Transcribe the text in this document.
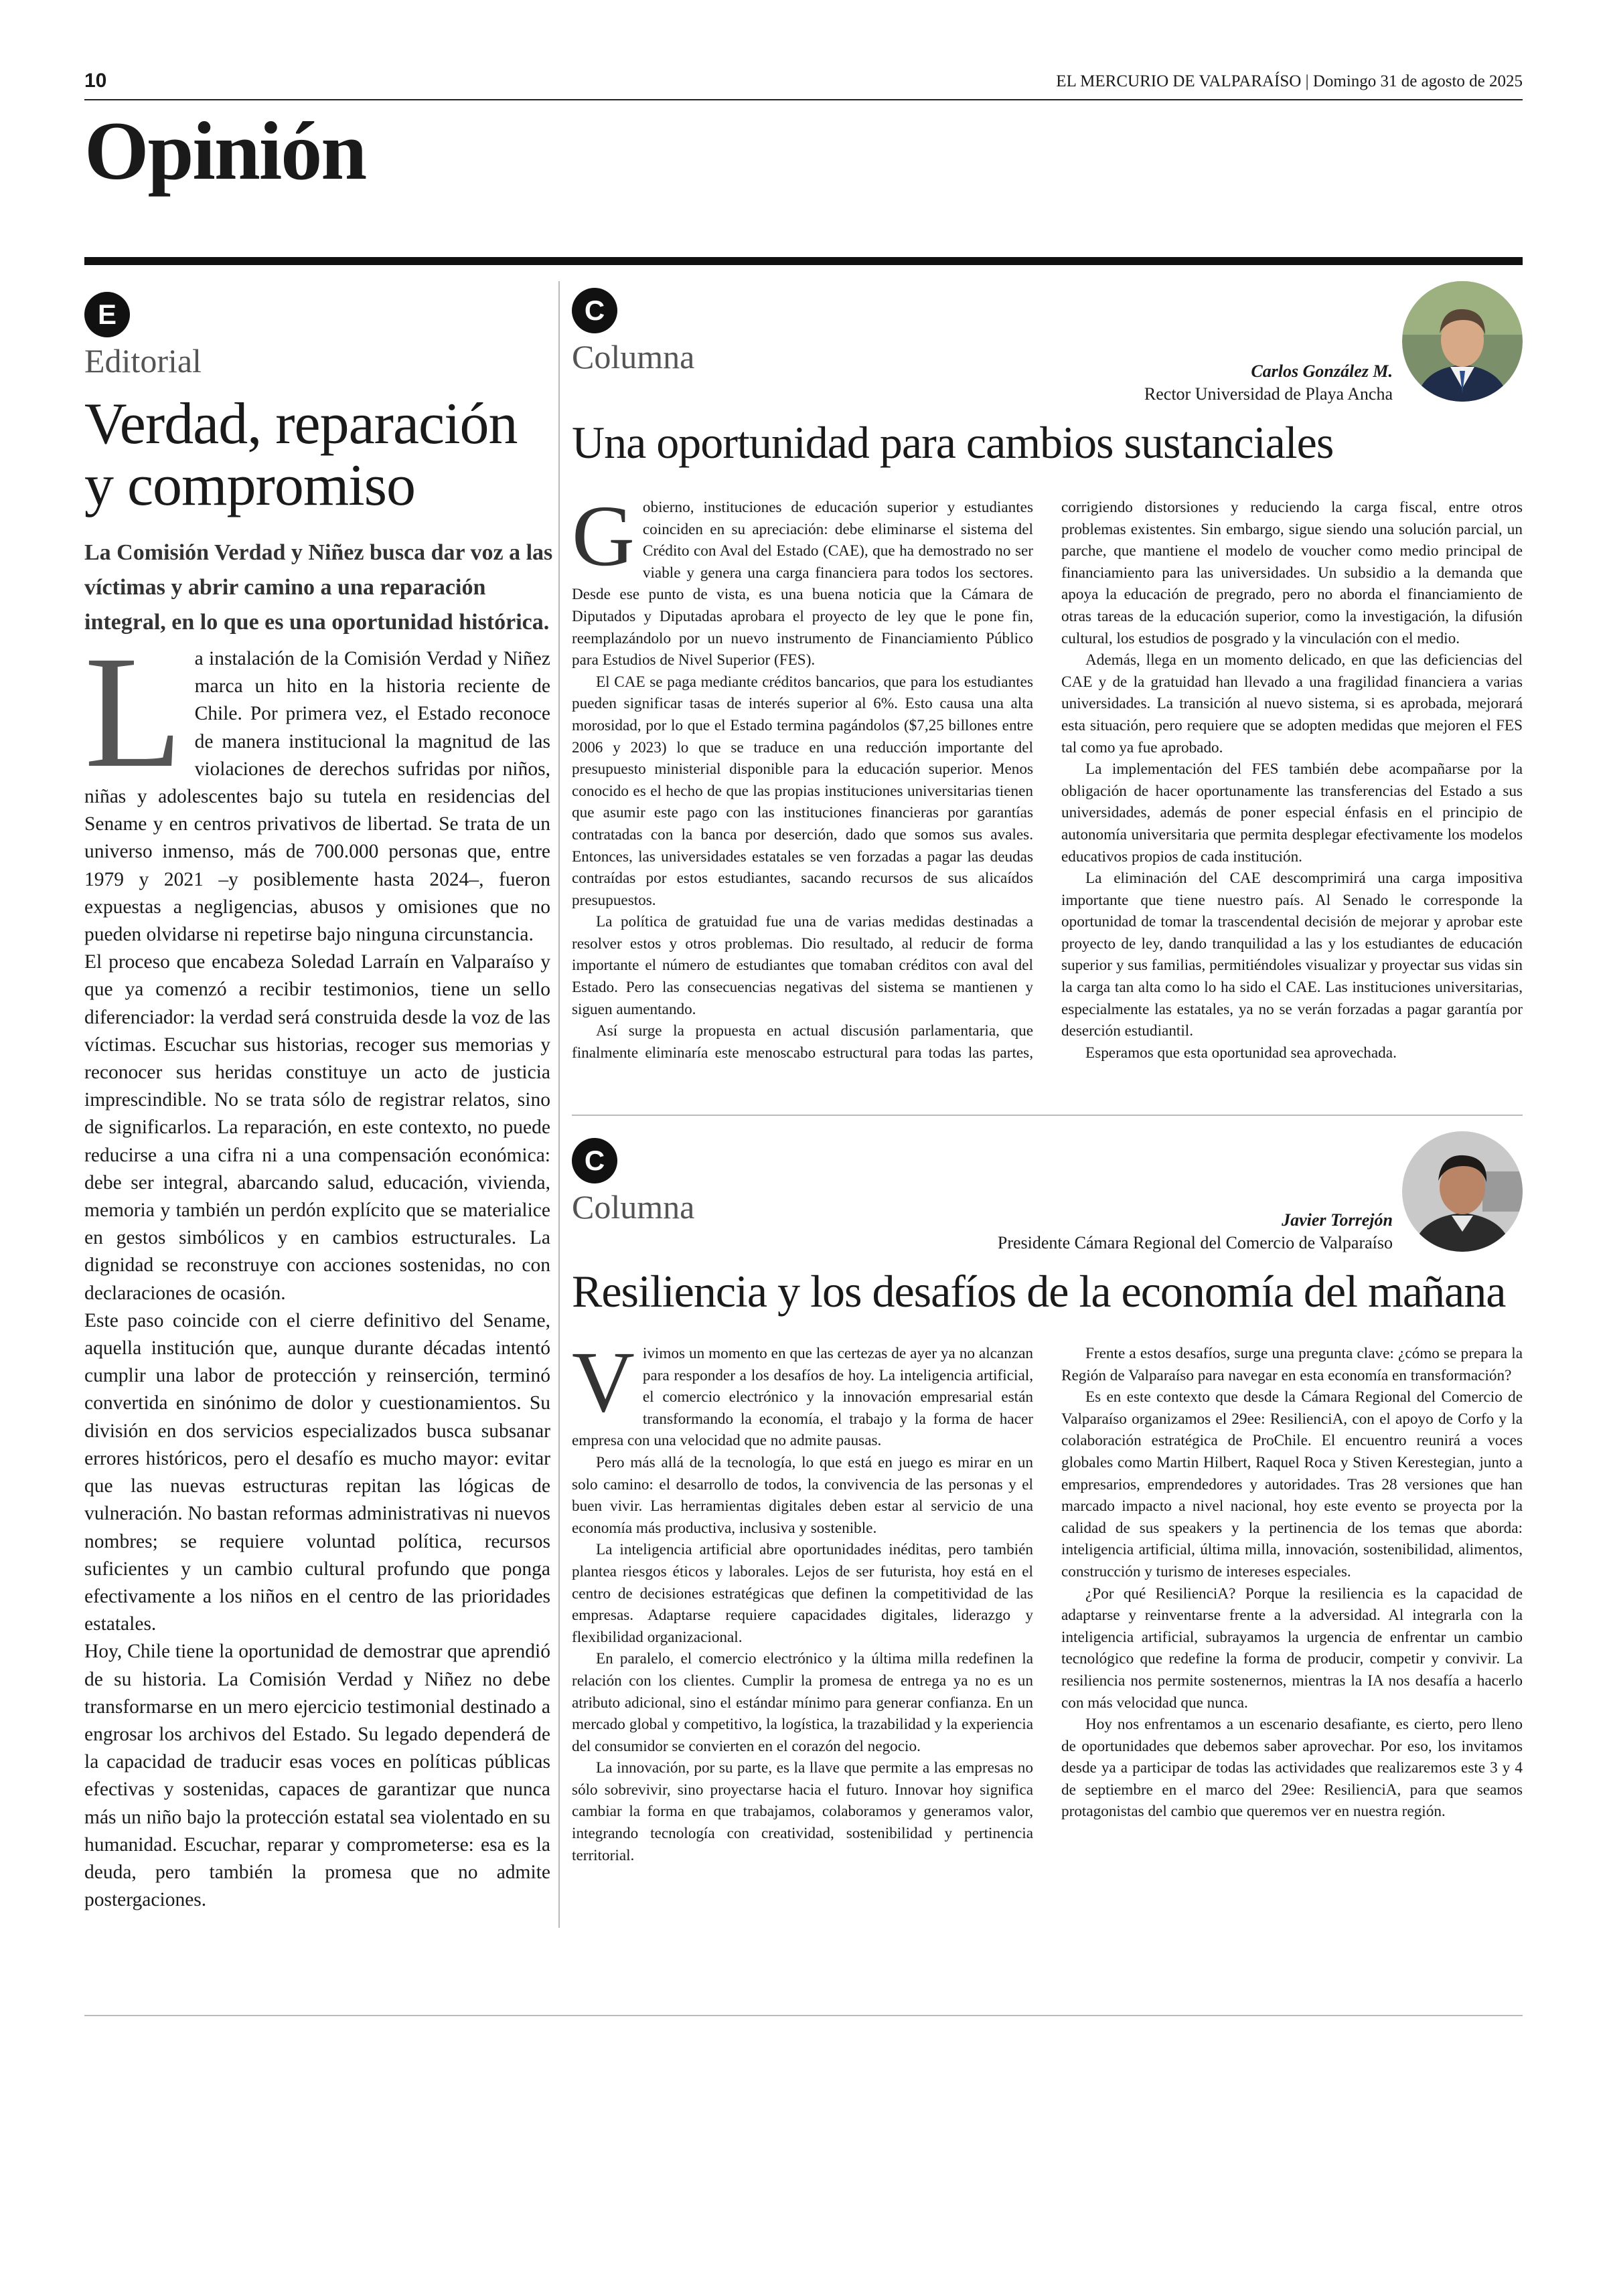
10	EL MERCURIO DE VALPARAÍSO | Domingo 31 de agosto de 2025
Opinión
E
Editorial
Verdad, reparación y compromiso
La Comisión Verdad y Niñez busca dar voz a las víctimas y abrir camino a una reparación integral, en lo que es una oportunidad histórica.
L a instalación de la Comisión Verdad y Niñez marca un hito en la historia reciente de Chile. Por primera vez, el Estado reconoce de manera institucional la magnitud de las violaciones de derechos sufridas por niños, niñas y adolescentes bajo su tutela en residencias del Sename y en centros privativos de libertad. Se trata de un universo inmenso, más de 700.000 personas que, entre 1979 y 2021 –y posiblemente hasta 2024–, fueron expuestas a negligencias, abusos y omisiones que no pueden olvidarse ni repetirse bajo ninguna circunstancia.

El proceso que encabeza Soledad Larraín en Valparaíso y que ya comenzó a recibir testimonios, tiene un sello diferenciador: la verdad será construida desde la voz de las víctimas. Escuchar sus historias, recoger sus memorias y reconocer sus heridas constituye un acto de justicia imprescindible. No se trata sólo de registrar relatos, sino de significarlos. La reparación, en este contexto, no puede reducirse a una cifra ni a una compensación económica: debe ser integral, abarcando salud, educación, vivienda, memoria y también un perdón explícito que se materialice en gestos simbólicos y en cambios estructurales. La dignidad se reconstruye con acciones sostenidas, no con declaraciones de ocasión.

Este paso coincide con el cierre definitivo del Sename, aquella institución que, aunque durante décadas intentó cumplir una labor de protección y reinserción, terminó convertida en sinónimo de dolor y cuestionamientos. Su división en dos servicios especializados busca subsanar errores históricos, pero el desafío es mucho mayor: evitar que las nuevas estructuras repitan las lógicas de vulneración. No bastan reformas administrativas ni nuevos nombres; se requiere voluntad política, recursos suficientes y un cambio cultural profundo que ponga efectivamente a los niños en el centro de las prioridades estatales.

Hoy, Chile tiene la oportunidad de demostrar que aprendió de su historia. La Comisión Verdad y Niñez no debe transformarse en un mero ejercicio testimonial destinado a engrosar los archivos del Estado. Su legado dependerá de la capacidad de traducir esas voces en políticas públicas efectivas y sostenidas, capaces de garantizar que nunca más un niño bajo la protección estatal sea violentado en su humanidad. Escuchar, reparar y comprometerse: esa es la deuda, pero también la promesa que no admite postergaciones.

C
Columna	Carlos González M.
Rector Universidad de Playa Ancha
Una oportunidad para cambios sustanciales
G obierno, instituciones de educación superior y estudiantes coinciden en su apreciación: debe eliminarse el sistema del Crédito con Aval del Estado (CAE), que ha demostrado no ser viable y genera una carga financiera para todos los sectores. Desde ese punto de vista, es una buena noticia que la Cámara de Diputados y Diputadas aprobara el proyecto de ley que le pone fin, reemplazándolo por un nuevo instrumento de Financiamiento Público para Estudios de Nivel Superior (FES).

El CAE se paga mediante créditos bancarios, que para los estudiantes pueden significar tasas de interés superior al 6%. Esto causa una alta morosidad, por lo que el Estado termina pagándolos ($7,25 billones entre 2006 y 2023) lo que se traduce en una reducción importante del presupuesto ministerial disponible para la educación superior. Menos conocido es el hecho de que las propias instituciones universitarias tienen que asumir este pago con las instituciones financieras por garantías contratadas con la banca por deserción, dado que somos sus avales. Entonces, las universidades estatales se ven forzadas a pagar las deudas contraídas por estos estudiantes, sacando recursos de sus alicaídos presupuestos.

La política de gratuidad fue una de varias medidas destinadas a resolver estos y otros problemas. Dio resultado, al reducir de forma importante el número de estudiantes que tomaban créditos con aval del Estado. Pero las consecuencias negativas del sistema se mantienen y siguen aumentando.

Así surge la propuesta en actual discusión parlamentaria, que finalmente eliminaría este menoscabo estructural para todas las partes, corrigiendo distorsiones y reduciendo la carga fiscal, entre otros problemas existentes. Sin embargo, sigue siendo una solución parcial, un parche, que mantiene el modelo de voucher como medio principal de financiamiento para las universidades. Un subsidio a la demanda que apoya la educación de pregrado, pero no aborda el financiamiento de otras tareas de la educación superior, como la investigación, la difusión cultural, los estudios de posgrado y la vinculación con el medio.

Además, llega en un momento delicado, en que las deficiencias del CAE y de la gratuidad han llevado a una fragilidad financiera a varias universidades. La transición al nuevo sistema, si es aprobada, mejorará esta situación, pero requiere que se adopten medidas que mejoren el FES tal como ya fue aprobado.

La implementación del FES también debe acompañarse por la obligación de hacer oportunamente las transferencias del Estado a sus universidades, además de poner especial énfasis en el principio de autonomía universitaria que permita desplegar efectivamente los modelos educativos propios de cada institución.

La eliminación del CAE descomprimirá una carga impositiva importante que tiene nuestro país. Al Senado le corresponde la oportunidad de tomar la trascendental decisión de mejorar y aprobar este proyecto de ley, dando tranquilidad a las y los estudiantes de educación superior y sus familias, permitiéndoles visualizar y proyectar sus vidas sin la carga tan alta como lo ha sido el CAE. Las instituciones universitarias, especialmente las estatales, ya no se verán forzadas a pagar garantía por deserción estudiantil.

Esperamos que esta oportunidad sea aprovechada.

C
Columna	Javier Torrejón
Presidente Cámara Regional del Comercio de Valparaíso
Resiliencia y los desafíos de la economía del mañana
V ivimos un momento en que las certezas de ayer ya no alcanzan para responder a los desafíos de hoy. La inteligencia artificial, el comercio electrónico y la innovación empresarial están transformando la economía, el trabajo y la forma de hacer empresa con una velocidad que no admite pausas.

Pero más allá de la tecnología, lo que está en juego es mirar en un solo camino: el desarrollo de todos, la convivencia de las personas y el buen vivir. Las herramientas digitales deben estar al servicio de una economía más productiva, inclusiva y sostenible.

La inteligencia artificial abre oportunidades inéditas, pero también plantea riesgos éticos y laborales. Lejos de ser futurista, hoy está en el centro de decisiones estratégicas que definen la competitividad de las empresas. Adaptarse requiere capacidades digitales, liderazgo y flexibilidad organizacional.

En paralelo, el comercio electrónico y la última milla redefinen la relación con los clientes. Cumplir la promesa de entrega ya no es un atributo adicional, sino el estándar mínimo para generar confianza. En un mercado global y competitivo, la logística, la trazabilidad y la experiencia del consumidor se convierten en el corazón del negocio.

La innovación, por su parte, es la llave que permite a las empresas no sólo sobrevivir, sino proyectarse hacia el futuro. Innovar hoy significa cambiar la forma en que trabajamos, colaboramos y generamos valor, integrando tecnología con creatividad, sostenibilidad y pertinencia territorial.

Frente a estos desafíos, surge una pregunta clave: ¿cómo se prepara la Región de Valparaíso para navegar en esta economía en transformación?

Es en este contexto que desde la Cámara Regional del Comercio de Valparaíso organizamos el 29ee: ResilienciA, con el apoyo de Corfo y la colaboración estratégica de ProChile. El encuentro reunirá a voces globales como Martin Hilbert, Raquel Roca y Stiven Kerestegian, junto a empresarios, emprendedores y autoridades. Tras 28 versiones que han marcado impacto a nivel nacional, hoy este evento se proyecta por la calidad de sus speakers y la pertinencia de los temas que aborda: inteligencia artificial, última milla, innovación, sostenibilidad, alimentos, construcción y turismo de intereses especiales.

¿Por qué ResilienciA? Porque la resiliencia es la capacidad de adaptarse y reinventarse frente a la adversidad. Al integrarla con la inteligencia artificial, subrayamos la urgencia de enfrentar un cambio tecnológico que redefine la forma de producir, competir y convivir. La resiliencia nos permite sostenernos, mientras la IA nos desafía a hacerlo con más velocidad que nunca.

Hoy nos enfrentamos a un escenario desafiante, es cierto, pero lleno de oportunidades que debemos saber aprovechar. Por eso, los invitamos desde ya a participar de todas las actividades que realizaremos este 3 y 4 de septiembre en el marco del 29ee: ResilienciA, para que seamos protagonistas del cambio que queremos ver en nuestra región.
